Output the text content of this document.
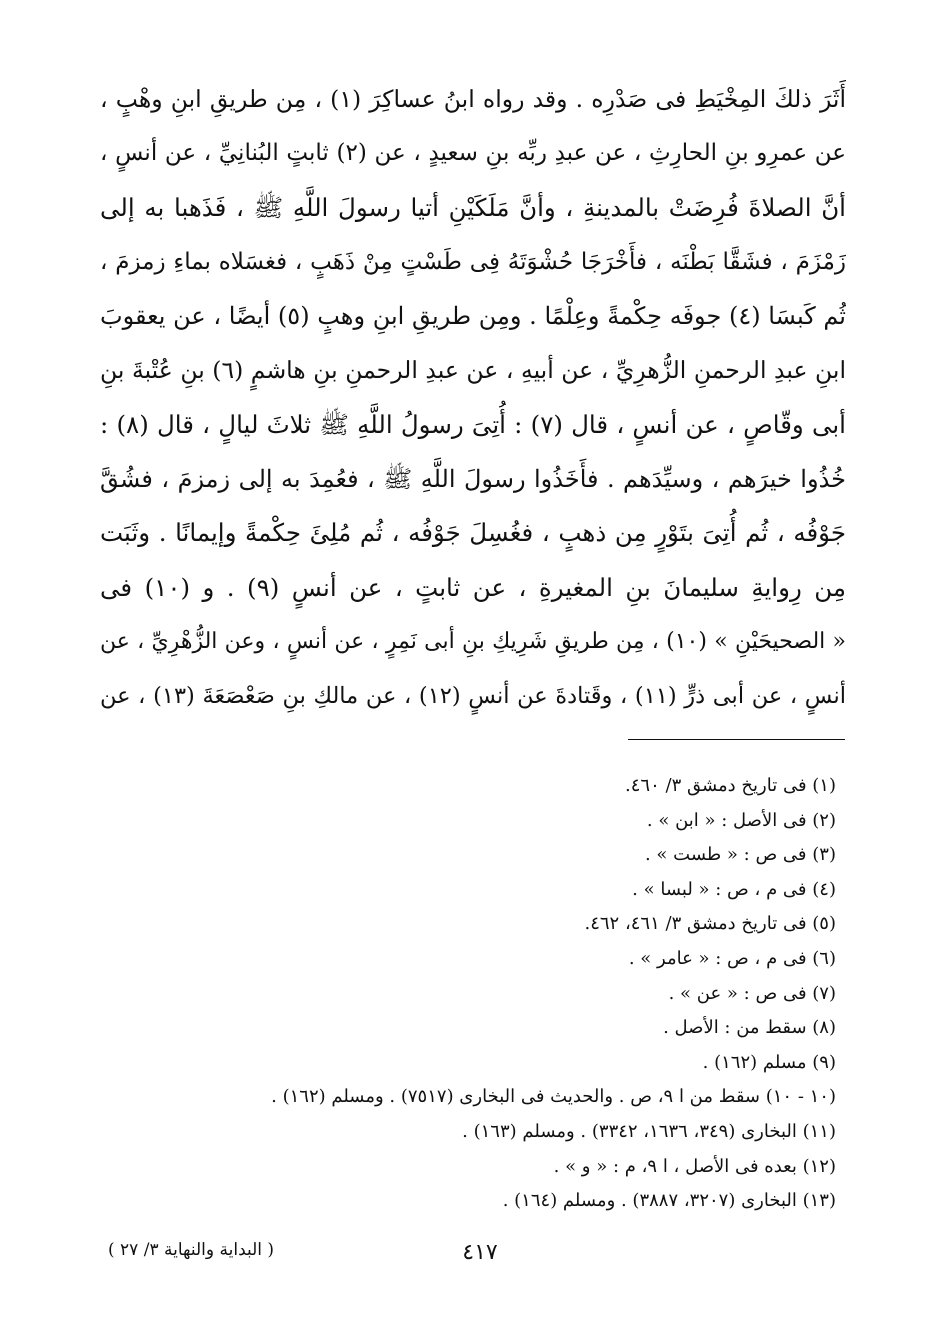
أَثَرَ ذلكَ المِخْيَطِ فى صَدْرِه . وقد رواه ابنُ عساكِرَ (١) ، مِن طريقِ ابنِ وهْبٍ ،
عن عمرِو بنِ الحارِثِ ، عن عبدِ ربِّه بنِ سعيدٍ ، عن (٢) ثابتٍ البُنانِيِّ ، عن أنسٍ ،
أنَّ الصلاةَ فُرِضَتْ بالمدينةِ ، وأنَّ مَلَكَيْنِ أتيا رسولَ اللَّهِ ﷺ ، فَذَهبا به إلى
زَمْزَمَ ، فشَقَّا بَطْنَه ، فأَخْرَجَا حُشْوَتَهُ فِى طَسْتٍ مِنْ ذَهَبٍ ، فغسَلاه بماءِ زمزمَ ،
ثُم كَبسَا (٤) جوفَه حِكْمةً وعِلْمًا . ومِن طريقِ ابنِ وهبٍ (٥) أيضًا ، عن يعقوبَ
ابنِ عبدِ الرحمنِ الزُّهرِيِّ ، عن أبيهِ ، عن عبدِ الرحمنِ بنِ هاشمٍ (٦) بنِ عُتْبةَ بنِ
أبى وقّاصٍ ، عن أنسٍ ، قال (٧) : أُتِىَ رسولُ اللَّهِ ﷺ ثلاثَ ليالٍ ، قال (٨) :
خُذُوا خيرَهم ، وسيِّدَهم . فأَخَذُوا رسولَ اللَّهِ ﷺ ، فعُمِدَ به إلى زمزمَ ، فشُقَّ
جَوْفُه ، ثُم أُتِىَ بتَوْرٍ مِن ذهبٍ ، فغُسِلَ جَوْفُه ، ثُم مُلِئَ حِكْمةً وإيمانًا . وثَبَت
مِن رِوايةِ سليمانَ بنِ المغيرةِ ، عن ثابتٍ ، عن أنسٍ (٩) . و (١٠) فى
« الصحيحَيْنِ » (١٠) ، مِن طريقِ شَرِيكِ بنِ أبى نَمِرٍ ، عن أنسٍ ، وعن الزُّهْرِيِّ ، عن
أنسٍ ، عن أبى ذرٍّ (١١) ، وقَتادةَ عن أنسٍ (١٢) ، عن مالكِ بنِ صَعْصَعَةَ (١٣) ، عن
(١) فى تاريخ دمشق ٣/ ٤٦٠.
(٢) فى الأصل : « ابن » .
(٣) فى ص : « طست » .
(٤) فى م ، ص : « لبسا » .
(٥) فى تاريخ دمشق ٣/ ٤٦١، ٤٦٢.
(٦) فى م ، ص : « عامر » .
(٧) فى ص : « عن » .
(٨) سقط من : الأصل .
(٩) مسلم (١٦٢) .
(١٠ - ١٠) سقط من ا ٩، ص . والحديث فى البخارى (٧٥١٧) . ومسلم (١٦٢) .
(١١) البخارى (٣٤٩، ١٦٣٦، ٣٣٤٢) . ومسلم (١٦٣) .
(١٢) بعده فى الأصل ، ا ٩، م : « و » .
(١٣) البخارى (٣٢٠٧، ٣٨٨٧) . ومسلم (١٦٤) .
٤١٧
( البداية والنهاية ٣/ ٢٧ )
